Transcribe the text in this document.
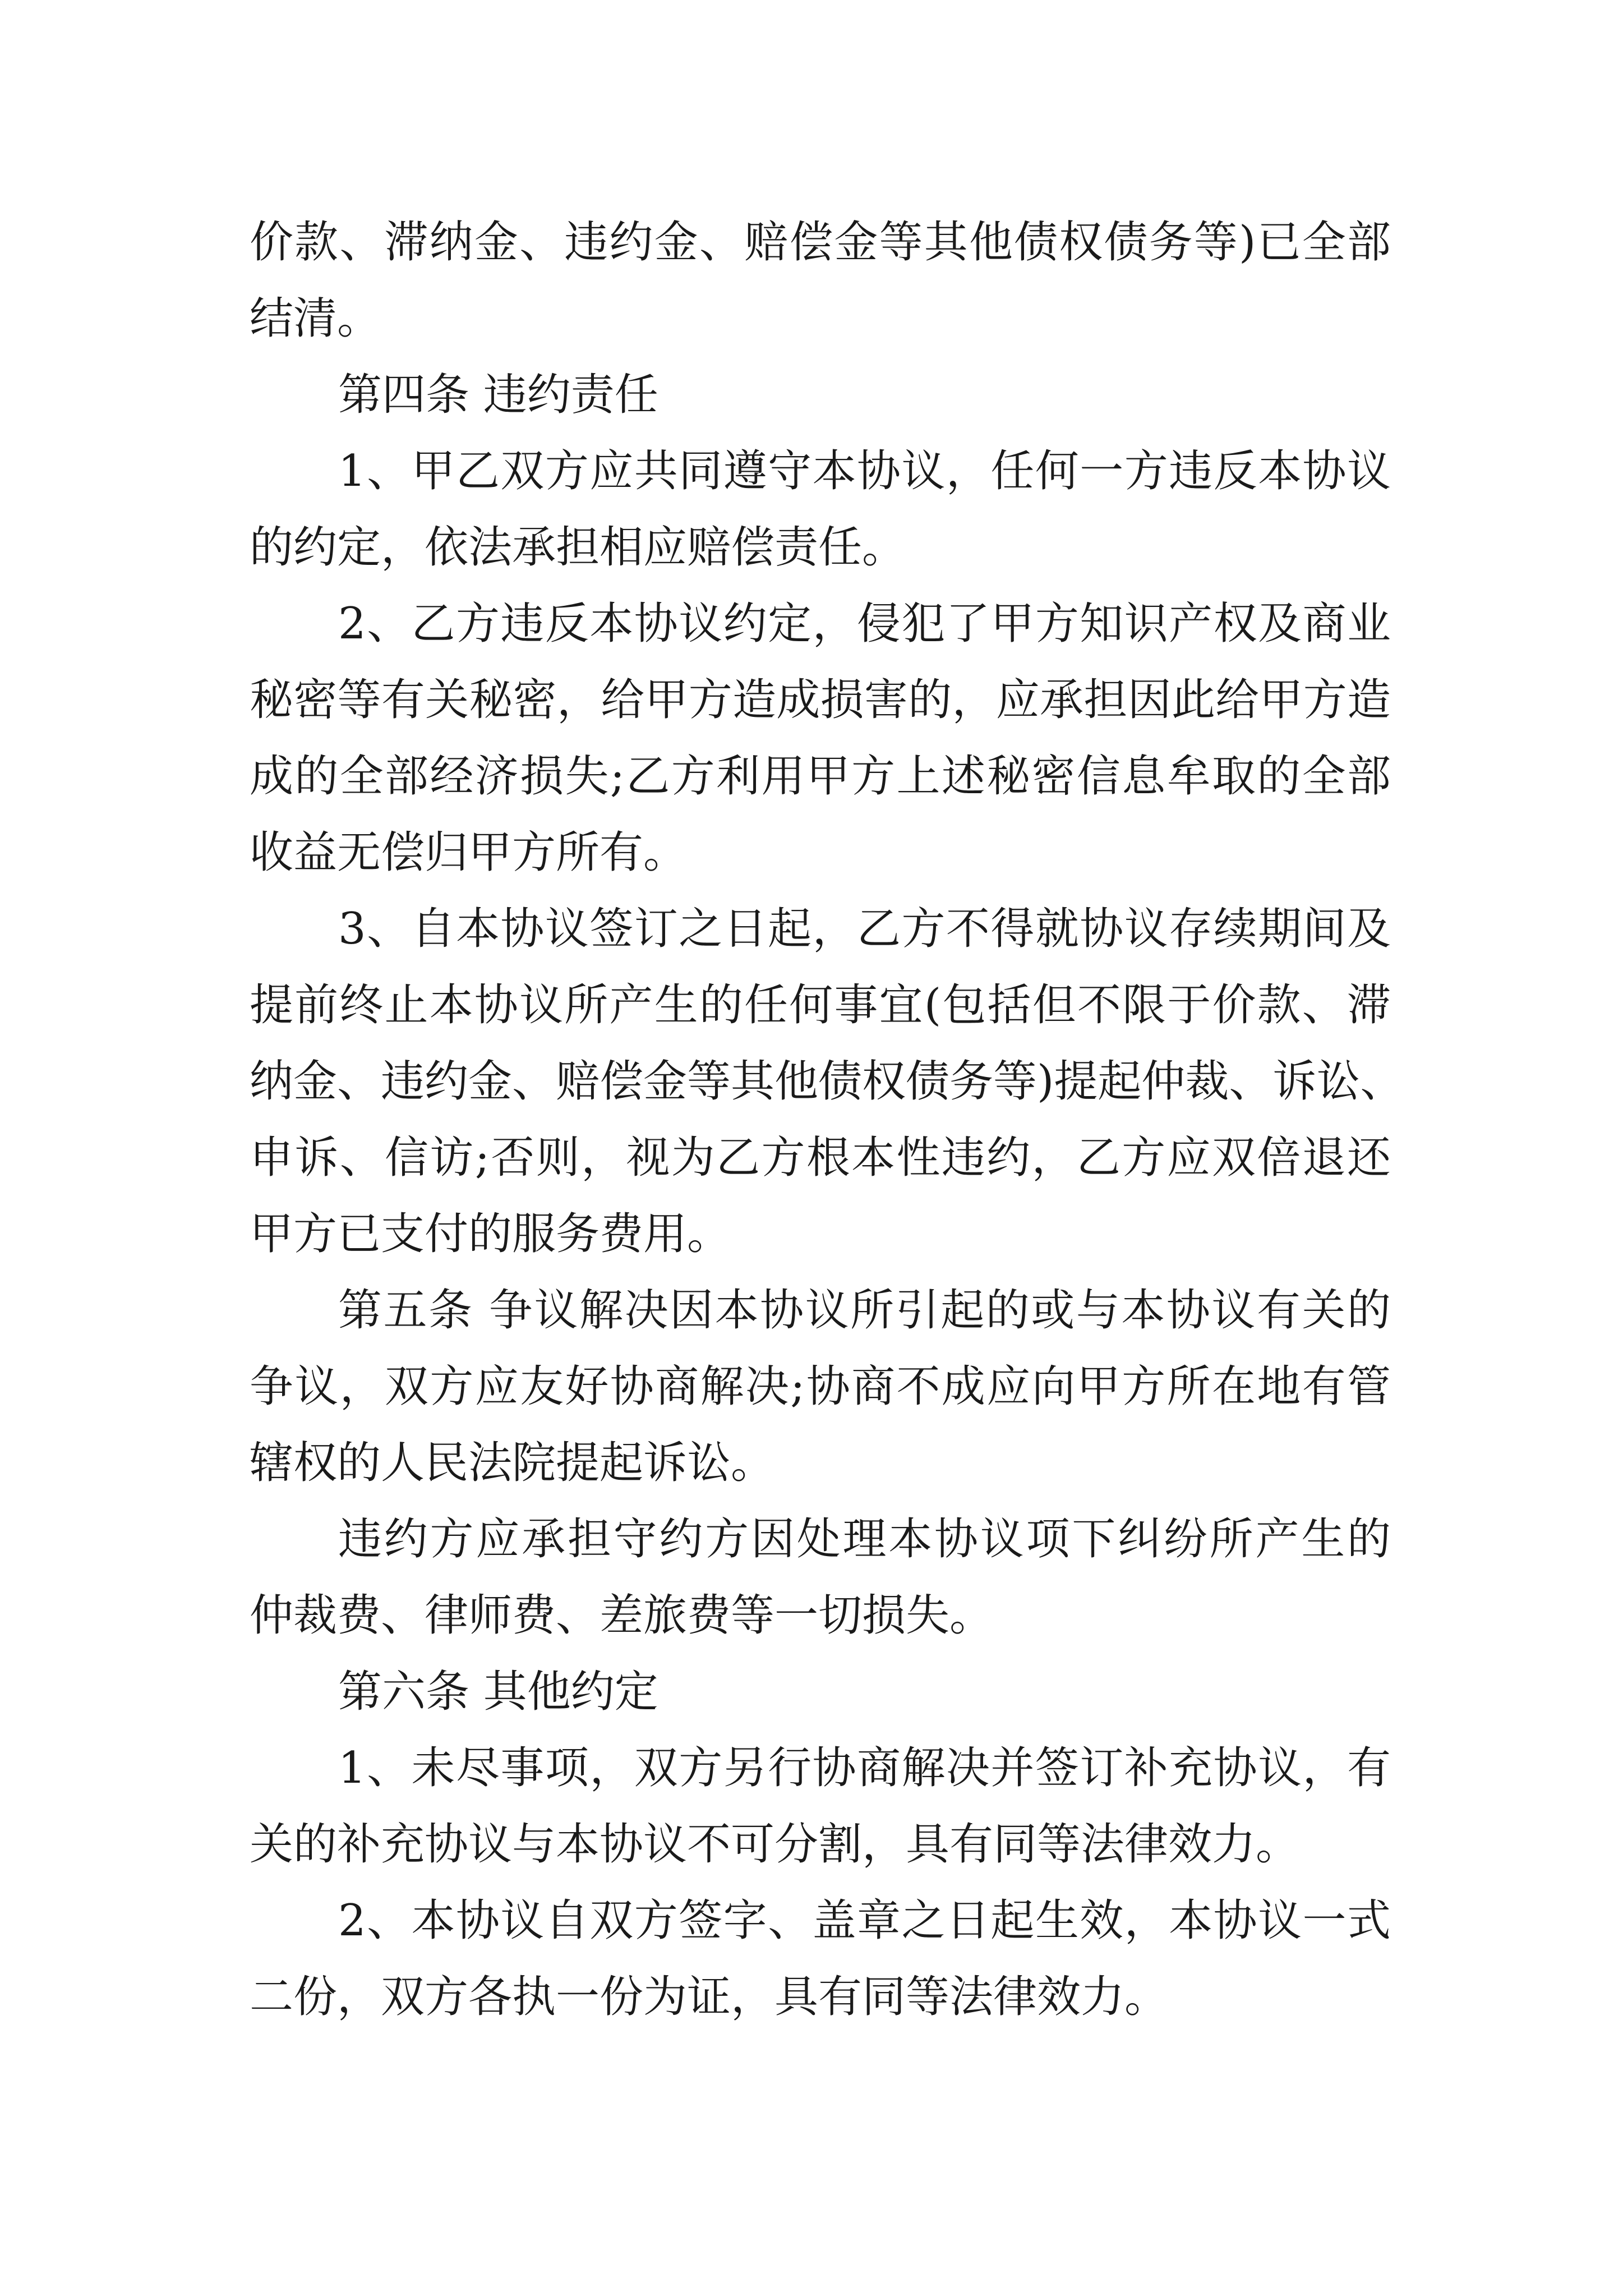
价款、滞纳金、违约金、赔偿金等其他债权债务等)已全部
结清。
第四条 违约责任
1、甲乙双方应共同遵守本协议，任何一方违反本协议
的约定，依法承担相应赔偿责任。
2、乙方违反本协议约定，侵犯了甲方知识产权及商业
秘密等有关秘密，给甲方造成损害的，应承担因此给甲方造
成的全部经济损失;乙方利用甲方上述秘密信息牟取的全部
收益无偿归甲方所有。
3、自本协议签订之日起，乙方不得就协议存续期间及
提前终止本协议所产生的任何事宜(包括但不限于价款、滞
纳金、违约金、赔偿金等其他债权债务等)提起仲裁、诉讼、
申诉、信访;否则，视为乙方根本性违约，乙方应双倍退还
甲方已支付的服务费用。
第五条 争议解决因本协议所引起的或与本协议有关的
争议，双方应友好协商解决;协商不成应向甲方所在地有管
辖权的人民法院提起诉讼。
违约方应承担守约方因处理本协议项下纠纷所产生的
仲裁费、律师费、差旅费等一切损失。
第六条 其他约定
1、未尽事项，双方另行协商解决并签订补充协议，有
关的补充协议与本协议不可分割，具有同等法律效力。
2、本协议自双方签字、盖章之日起生效，本协议一式
二份，双方各执一份为证，具有同等法律效力。
